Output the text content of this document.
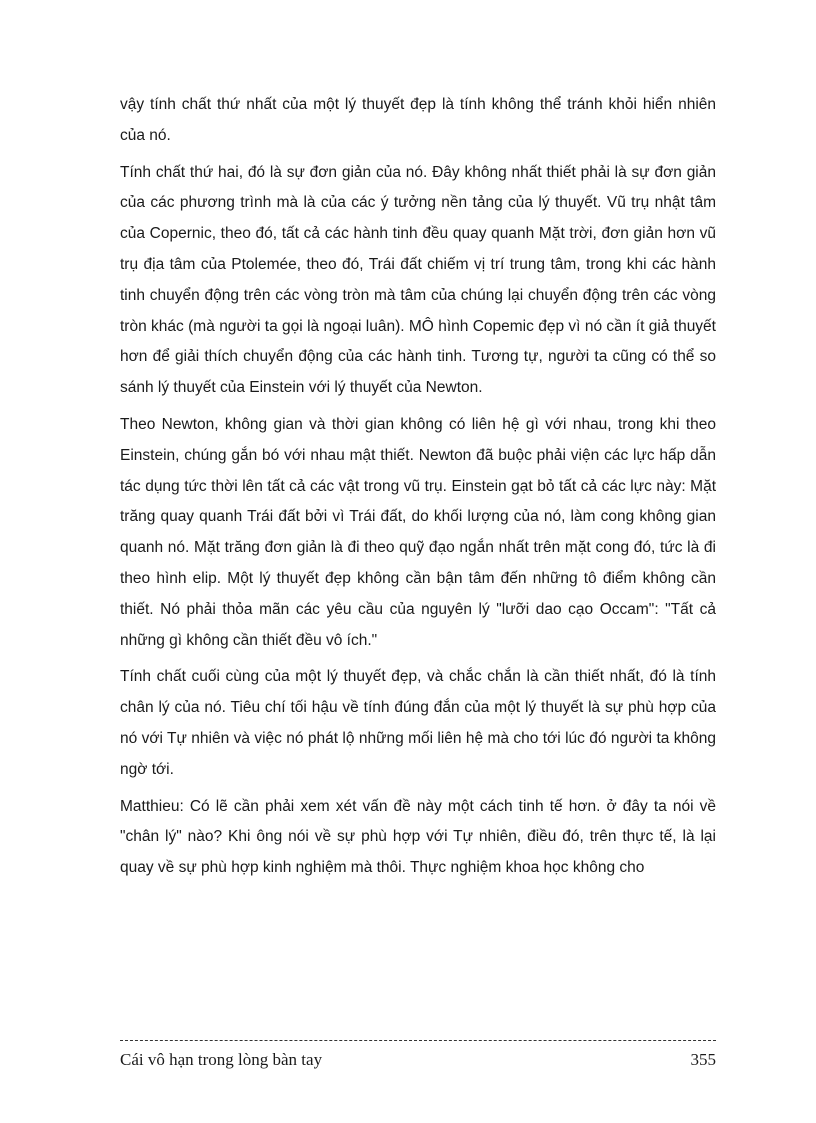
vậy tính chất thứ nhất của một lý thuyết đẹp là tính không thể tránh khỏi hiển nhiên của nó.

Tính chất thứ hai, đó là sự đơn giản của nó. Đây không nhất thiết phải là sự đơn giản của các phương trình mà là của các ý tưởng nền tảng của lý thuyết. Vũ trụ nhật tâm của Copernic, theo đó, tất cả các hành tinh đều quay quanh Mặt trời, đơn giản hơn vũ trụ địa tâm của Ptolemée, theo đó, Trái đất chiếm vị trí trung tâm, trong khi các hành tinh chuyển động trên các vòng tròn mà tâm của chúng lại chuyển động trên các vòng tròn khác (mà người ta gọi là ngoại luân). MÔ hình Copemic đẹp vì nó cần ít giả thuyết hơn để giải thích chuyển động của các hành tinh. Tương tự, người ta cũng có thể so sánh lý thuyết của Einstein với lý thuyết của Newton.

Theo Newton, không gian và thời gian không có liên hệ gì với nhau, trong khi theo Einstein, chúng gắn bó với nhau mật thiết. Newton đã buộc phải viện các lực hấp dẫn tác dụng tức thời lên tất cả các vật trong vũ trụ. Einstein gạt bỏ tất cả các lực này: Mặt trăng quay quanh Trái đất bởi vì Trái đất, do khối lượng của nó, làm cong không gian quanh nó. Mặt trăng đơn giản là đi theo quỹ đạo ngắn nhất trên mặt cong đó, tức là đi theo hình elip. Một lý thuyết đẹp không cần bận tâm đến những tô điểm không cần thiết. Nó phải thỏa mãn các yêu cầu của nguyên lý "lưỡi dao cạo Occam": "Tất cả những gì không cần thiết đều vô ích."

Tính chất cuối cùng của một lý thuyết đẹp, và chắc chắn là cần thiết nhất, đó là tính chân lý của nó. Tiêu chí tối hậu về tính đúng đắn của một lý thuyết là sự phù hợp của nó với Tự nhiên và việc nó phát lộ những mối liên hệ mà cho tới lúc đó người ta không ngờ tới.

Matthieu: Có lẽ cần phải xem xét vấn đề này một cách tinh tế hơn. ở đây ta nói về "chân lý" nào? Khi ông nói về sự phù hợp với Tự nhiên, điều đó, trên thực tế, là lại quay về sự phù hợp kinh nghiệm mà thôi. Thực nghiệm khoa học không cho

Cái vô hạn trong lòng bàn tay	355
